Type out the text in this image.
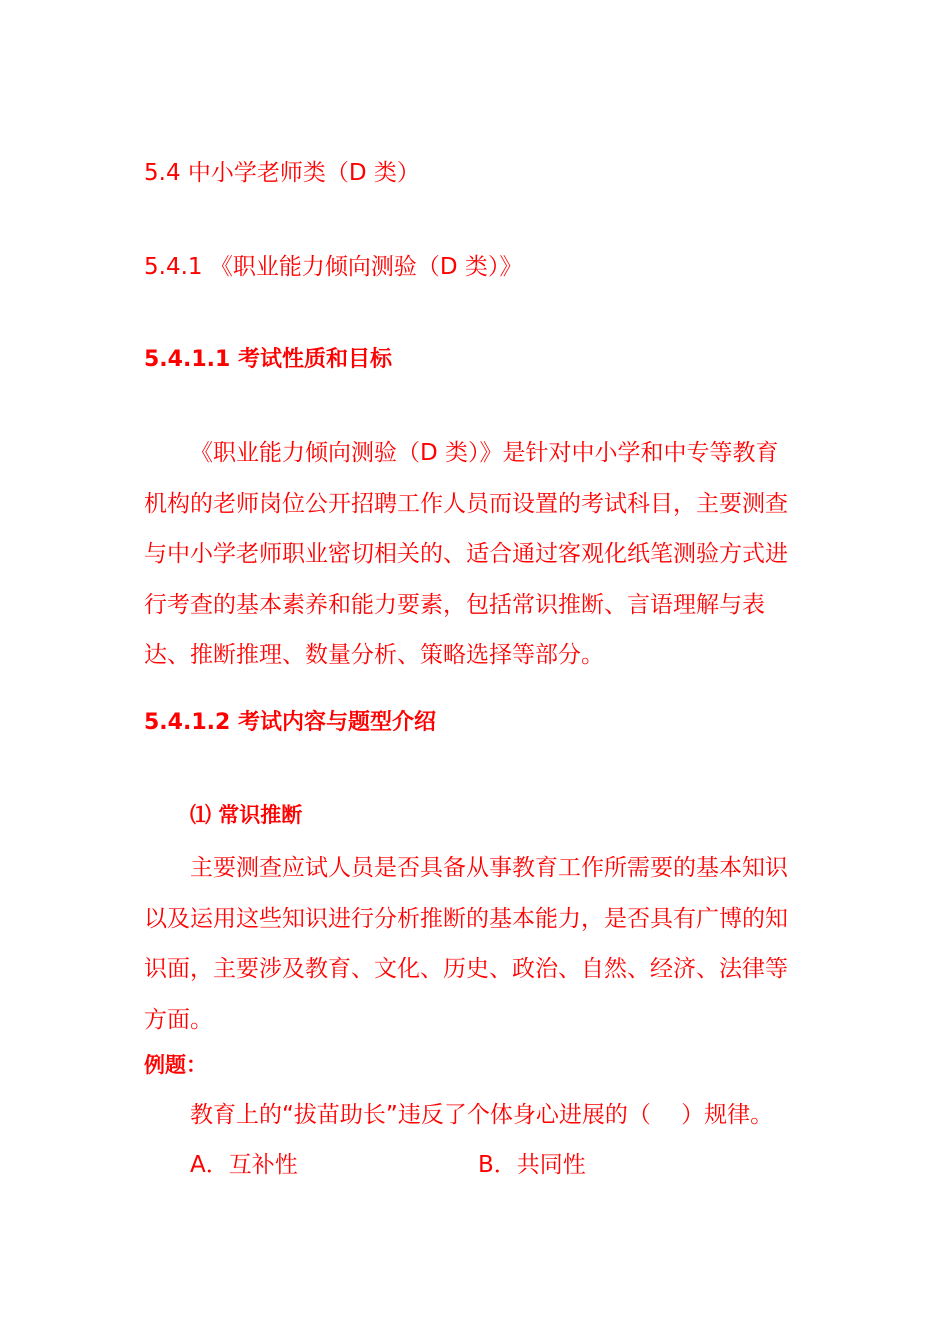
5.4 中小学老师类（D 类）
5.4.1 《职业能力倾向测验（D 类）》
5.4.1.1 考试性质和目标
《职业能力倾向测验（D 类）》是针对中小学和中专等教育机构的老师岗位公开招聘工作人员而设置的考试科目，主要测查与中小学老师职业密切相关的、适合通过客观化纸笔测验方式进行考查的基本素养和能力要素，包括常识推断、言语理解与表达、推断推理、数量分析、策略选择等部分。
5.4.1.2 考试内容与题型介绍
⑴ 常识推断
主要测查应试人员是否具备从事教育工作所需要的基本知识以及运用这些知识进行分析推断的基本能力，是否具有广博的知识面，主要涉及教育、文化、历史、政治、自然、经济、法律等方面。
例题：
教育上的“拔苗助长”违反了个体身心进展的（　 ）规律。
A．互补性	B．共同性
